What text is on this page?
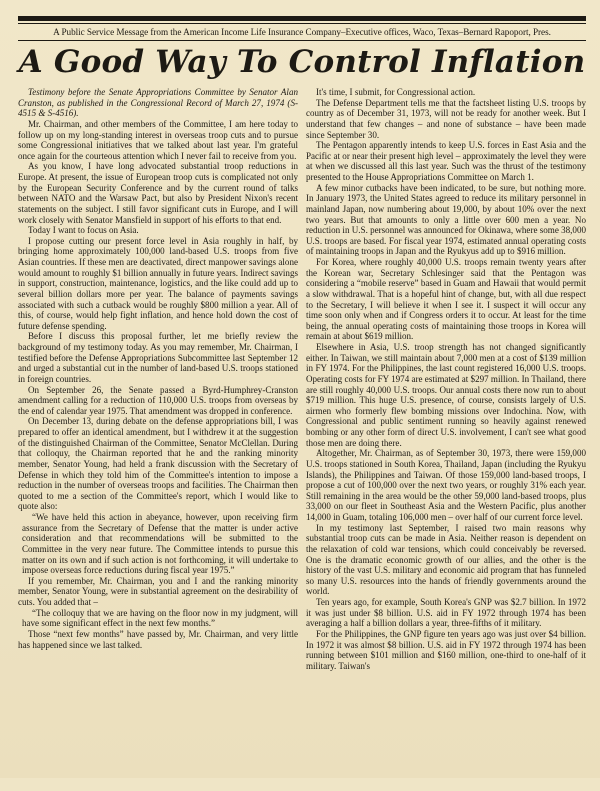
A Public Service Message from the American Income Life Insurance Company–Executive offices, Waco, Texas–Bernard Rapoport, Pres.
A Good Way To Control Inflation

Testimony before the Senate Appropriations Committee by Senator Alan Cranston, as published in the Congressional Record of March 27, 1974 (S-4515 & S-4516).

Mr. Chairman, and other members of the Committee, I am here today to follow up on my long-standing interest in overseas troop cuts and to pursue some Congressional initiatives that we talked about last year. I'm grateful once again for the courteous attention which I never fail to receive from you.

As you know, I have long advocated substantial troop reductions in Europe. At present, the issue of European troop cuts is complicated not only by the European Security Conference and by the current round of talks between NATO and the Warsaw Pact, but also by President Nixon's recent statements on the subject. I still favor significant cuts in Europe, and I will work closely with Senator Mansfield in support of his efforts to that end.

Today I want to focus on Asia.

I propose cutting our present force level in Asia roughly in half, by bringing home approximately 100,000 land-based U.S. troops from five Asian countries. If these men are deactivated, direct manpower savings alone would amount to roughly $1 billion annually in future years. Indirect savings in support, construction, maintenance, logistics, and the like could add up to several billion dollars more per year. The balance of payments savings associated with such a cutback would be roughly $800 million a year. All of this, of course, would help fight inflation, and hence hold down the cost of future defense spending.

Before I discuss this proposal further, let me briefly review the background of my testimony today. As you may remember, Mr. Chairman, I testified before the Defense Appropriations Subcommittee last September 12 and urged a substantial cut in the number of land-based U.S. troops stationed in foreign countries.

On September 26, the Senate passed a Byrd-Humphrey-Cranston amendment calling for a reduction of 110,000 U.S. troops from overseas by the end of calendar year 1975. That amendment was dropped in conference.

On December 13, during debate on the defense appropriations bill, I was prepared to offer an identical amendment, but I withdrew it at the suggestion of the distinguished Chairman of the Committee, Senator McClellan. During that colloquy, the Chairman reported that he and the ranking minority member, Senator Young, had held a frank discussion with the Secretary of Defense in which they told him of the Committee's intention to impose a reduction in the number of overseas troops and facilities. The Chairman then quoted to me a section of the Committee's report, which I would like to quote also:

“We have held this action in abeyance, however, upon receiving firm assurance from the Secretary of Defense that the matter is under active consideration and that recommendations will be submitted to the Committee in the very near future. The Committee intends to pursue this matter on its own and if such action is not forthcoming, it will undertake to impose overseas force reductions during fiscal year 1975.”

If you remember, Mr. Chairman, you and I and the ranking minority member, Senator Young, were in substantial agreement on the desirability of cuts. You added that –

“The colloquy that we are having on the floor now in my judgment, will have some significant effect in the next few months.”

Those “next few months” have passed by, Mr. Chairman, and very little has happened since we last talked.

It's time, I submit, for Congressional action.

The Defense Department tells me that the factsheet listing U.S. troops by country as of December 31, 1973, will not be ready for another week. But I understand that few changes – and none of substance – have been made since September 30.

The Pentagon apparently intends to keep U.S. forces in East Asia and the Pacific at or near their present high level – approximately the level they were at when we discussed all this last year. Such was the thrust of the testimony presented to the House Appropriations Committee on March 1.

A few minor cutbacks have been indicated, to be sure, but nothing more. In January 1973, the United States agreed to reduce its military personnel in mainland Japan, now numbering about 19,000, by about 10% over the next two years. But that amounts to only a little over 600 men a year. No reduction in U.S. personnel was announced for Okinawa, where some 38,000 U.S. troops are based. For fiscal year 1974, estimated annual operating costs of maintaining troops in Japan and the Ryukyus add up to $916 million.

For Korea, where roughly 40,000 U.S. troops remain twenty years after the Korean war, Secretary Schlesinger said that the Pentagon was considering a “mobile reserve” based in Guam and Hawaii that would permit a slow withdrawal. That is a hopeful hint of change, but, with all due respect to the Secretary, I will believe it when I see it. I suspect it will occur any time soon only when and if Congress orders it to occur. At least for the time being, the annual operating costs of maintaining those troops in Korea will remain at about $619 million.

Elsewhere in Asia, U.S. troop strength has not changed significantly either. In Taiwan, we still maintain about 7,000 men at a cost of $139 million in FY 1974. For the Philippines, the last count registered 16,000 U.S. troops. Operating costs for FY 1974 are estimated at $297 million. In Thailand, there are still roughly 40,000 U.S. troops. Our annual costs there now run to about $719 million. This huge U.S. presence, of course, consists largely of U.S. airmen who formerly flew bombing missions over Indochina. Now, with Congressional and public sentiment running so heavily against renewed bombing or any other form of direct U.S. involvement, I can't see what good those men are doing there.

Altogether, Mr. Chairman, as of September 30, 1973, there were 159,000 U.S. troops stationed in South Korea, Thailand, Japan (including the Ryukyu Islands), the Philippines and Taiwan. Of those 159,000 land-based troops, I propose a cut of 100,000 over the next two years, or roughly 31% each year. Still remaining in the area would be the other 59,000 land-based troops, plus 33,000 on our fleet in Southeast Asia and the Western Pacific, plus another 14,000 in Guam, totaling 106,000 men – over half of our current force level.

In my testimony last September, I raised two main reasons why substantial troop cuts can be made in Asia. Neither reason is dependent on the relaxation of cold war tensions, which could conceivably be reversed. One is the dramatic economic growth of our allies, and the other is the history of the vast U.S. military and economic aid program that has funneled so many U.S. resources into the hands of friendly governments around the world.

Ten years ago, for example, South Korea's GNP was $2.7 billion. In 1972 it was just under $8 billion. U.S. aid in FY 1972 through 1974 has been averaging a half a billion dollars a year, three-fifths of it military.

For the Philippines, the GNP figure ten years ago was just over $4 billion. In 1972 it was almost $8 billion. U.S. aid in FY 1972 through 1974 has been running between $101 million and $160 million, one-third to one-half of it military. Taiwan's
